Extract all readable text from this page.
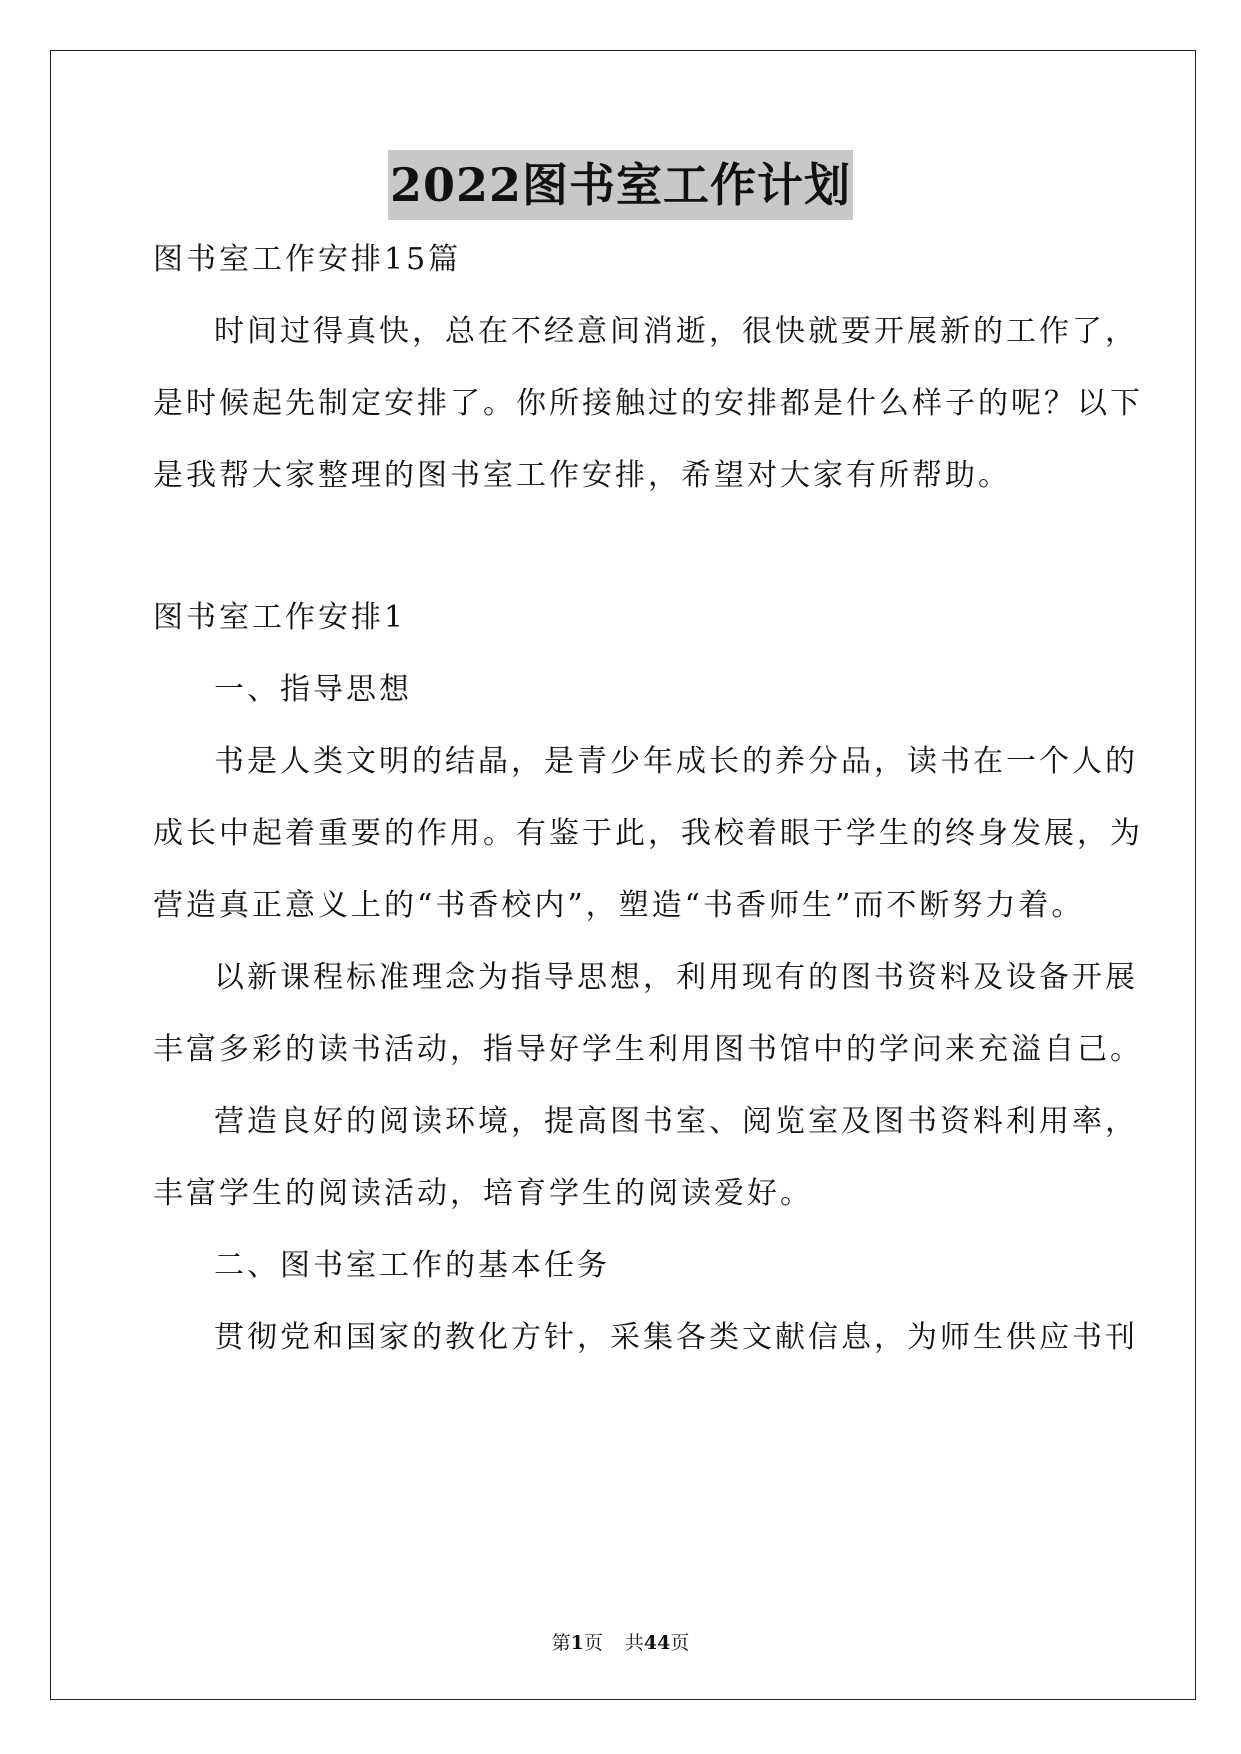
2022图书室工作计划
图书室工作安排15篇
时间过得真快，总在不经意间消逝，很快就要开展新的工作了，
是时候起先制定安排了。你所接触过的安排都是什么样子的呢？以下
是我帮大家整理的图书室工作安排，希望对大家有所帮助。
图书室工作安排1
一、指导思想
书是人类文明的结晶，是青少年成长的养分品，读书在一个人的
成长中起着重要的作用。有鉴于此，我校着眼于学生的终身发展，为
营造真正意义上的“书香校内”，塑造“书香师生”而不断努力着。
以新课程标准理念为指导思想，利用现有的图书资料及设备开展
丰富多彩的读书活动，指导好学生利用图书馆中的学问来充溢自己。
营造良好的阅读环境，提高图书室、阅览室及图书资料利用率，
丰富学生的阅读活动，培育学生的阅读爱好。
二、图书室工作的基本任务
贯彻党和国家的教化方针，采集各类文献信息，为师生供应书刊
第1页 共44页
